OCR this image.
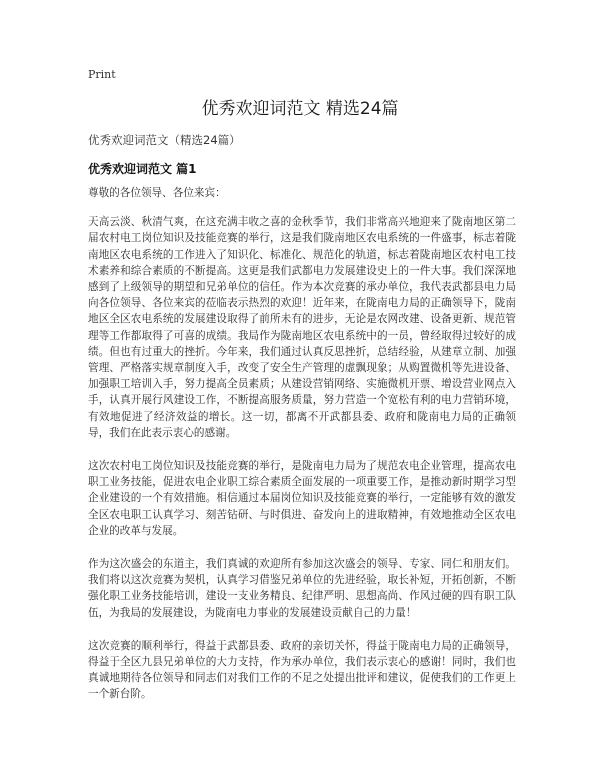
Print
优秀欢迎词范文 精选24篇
优秀欢迎词范文（精选24篇）
优秀欢迎词范文 篇1

尊敬的各位领导、各位来宾：

天高云淡、秋清气爽，在这充满丰收之喜的金秋季节，我们非常高兴地迎来了陇南地区第二届农村电工岗位知识及技能竞赛的举行，这是我们陇南地区农电系统的一件盛事，标志着陇南地区农电系统的工作进入了知识化、标准化、规范化的轨道，标志着陇南地区农村电工技术素养和综合素质的不断提高。这更是我们武都电力发展建设史上的一件大事。我们深深地感到了上级领导的期望和兄弟单位的信任。作为本次竞赛的承办单位，我代表武都县电力局向各位领导、各位来宾的莅临表示热烈的欢迎！近年来，在陇南电力局的正确领导下，陇南地区全区农电系统的发展建设取得了前所未有的进步，无论是农网改建、设备更新、规范管理等工作都取得了可喜的成绩。我局作为陇南地区农电系统中的一员，曾经取得过较好的成绩。但也有过重大的挫折。今年来，我们通过认真反思挫折，总结经验，从建章立制、加强管理、严格落实规章制度入手，改变了安全生产管理的虚飘现象；从购置微机等先进设备、加强职工培训入手，努力提高全员素质；从建设营销网络、实施微机开票、增设营业网点入手，认真开展行风建设工作，不断提高服务质量，努力营造一个宽松有利的电力营销环境，有效地促进了经济效益的增长。这一切，都离不开武都县委、政府和陇南电力局的正确领导，我们在此表示衷心的感谢。

这次农村电工岗位知识及技能竞赛的举行，是陇南电力局为了规范农电企业管理，提高农电职工业务技能，促进农电企业职工综合素质全面发展的一项重要工作，是推动新时期学习型企业建设的一个有效措施。相信通过本届岗位知识及技能竞赛的举行，一定能够有效的激发全区农电职工认真学习、刻苦钻研、与时俱进、奋发向上的进取精神，有效地推动全区农电企业的改革与发展。

作为这次盛会的东道主，我们真诚的欢迎所有参加这次盛会的领导、专家、同仁和朋友们。我们将以这次竞赛为契机，认真学习借鉴兄弟单位的先进经验，取长补短，开拓创新，不断强化职工业务技能培训，建设一支业务精良、纪律严明、思想高尚、作风过硬的四有职工队伍，为我局的发展建设，为陇南电力事业的发展建设贡献自己的力量！

这次竞赛的顺利举行，得益于武都县委、政府的亲切关怀，得益于陇南电力局的正确领导，得益于全区九县兄弟单位的大力支持，作为承办单位，我们表示衷心的感谢！同时，我们也真诚地期待各位领导和同志们对我们工作的不足之处提出批评和建议，促使我们的工作更上一个新台阶。
